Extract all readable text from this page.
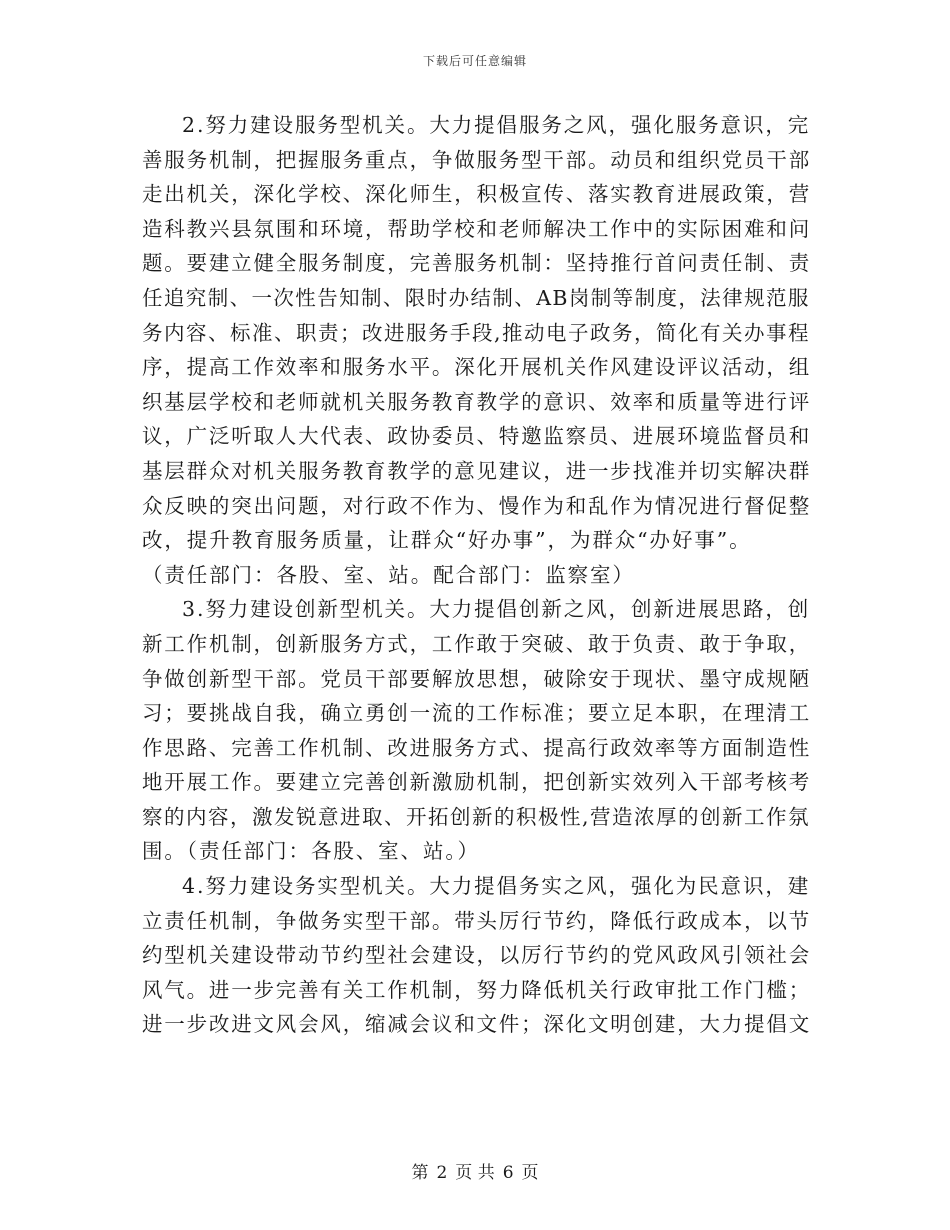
下载后可任意编辑
2.努力建设服务型机关。大力提倡服务之风，强化服务意识，完
善服务机制，把握服务重点，争做服务型干部。动员和组织党员干部
走出机关，深化学校、深化师生，积极宣传、落实教育进展政策，营
造科教兴县氛围和环境，帮助学校和老师解决工作中的实际困难和问
题。要建立健全服务制度，完善服务机制：坚持推行首问责任制、责
任追究制、一次性告知制、限时办结制、AB岗制等制度，法律规范服
务内容、标准、职责；改进服务手段,推动电子政务，简化有关办事程
序，提高工作效率和服务水平。深化开展机关作风建设评议活动，组
织基层学校和老师就机关服务教育教学的意识、效率和质量等进行评
议，广泛听取人大代表、政协委员、特邀监察员、进展环境监督员和
基层群众对机关服务教育教学的意见建议，进一步找准并切实解决群
众反映的突出问题，对行政不作为、慢作为和乱作为情况进行督促整
改，提升教育服务质量，让群众“好办事”，为群众“办好事”。
（责任部门：各股、室、站。配合部门：监察室）
3.努力建设创新型机关。大力提倡创新之风，创新进展思路，创
新工作机制，创新服务方式，工作敢于突破、敢于负责、敢于争取，
争做创新型干部。党员干部要解放思想，破除安于现状、墨守成规陋
习；要挑战自我，确立勇创一流的工作标准；要立足本职，在理清工
作思路、完善工作机制、改进服务方式、提高行政效率等方面制造性
地开展工作。要建立完善创新激励机制，把创新实效列入干部考核考
察的内容，激发锐意进取、开拓创新的积极性,营造浓厚的创新工作氛
围。（责任部门：各股、室、站。）
4.努力建设务实型机关。大力提倡务实之风，强化为民意识，建
立责任机制，争做务实型干部。带头厉行节约，降低行政成本，以节
约型机关建设带动节约型社会建设，以厉行节约的党风政风引领社会
风气。进一步完善有关工作机制，努力降低机关行政审批工作门槛；
进一步改进文风会风，缩减会议和文件；深化文明创建，大力提倡文
第 2 页 共 6 页
